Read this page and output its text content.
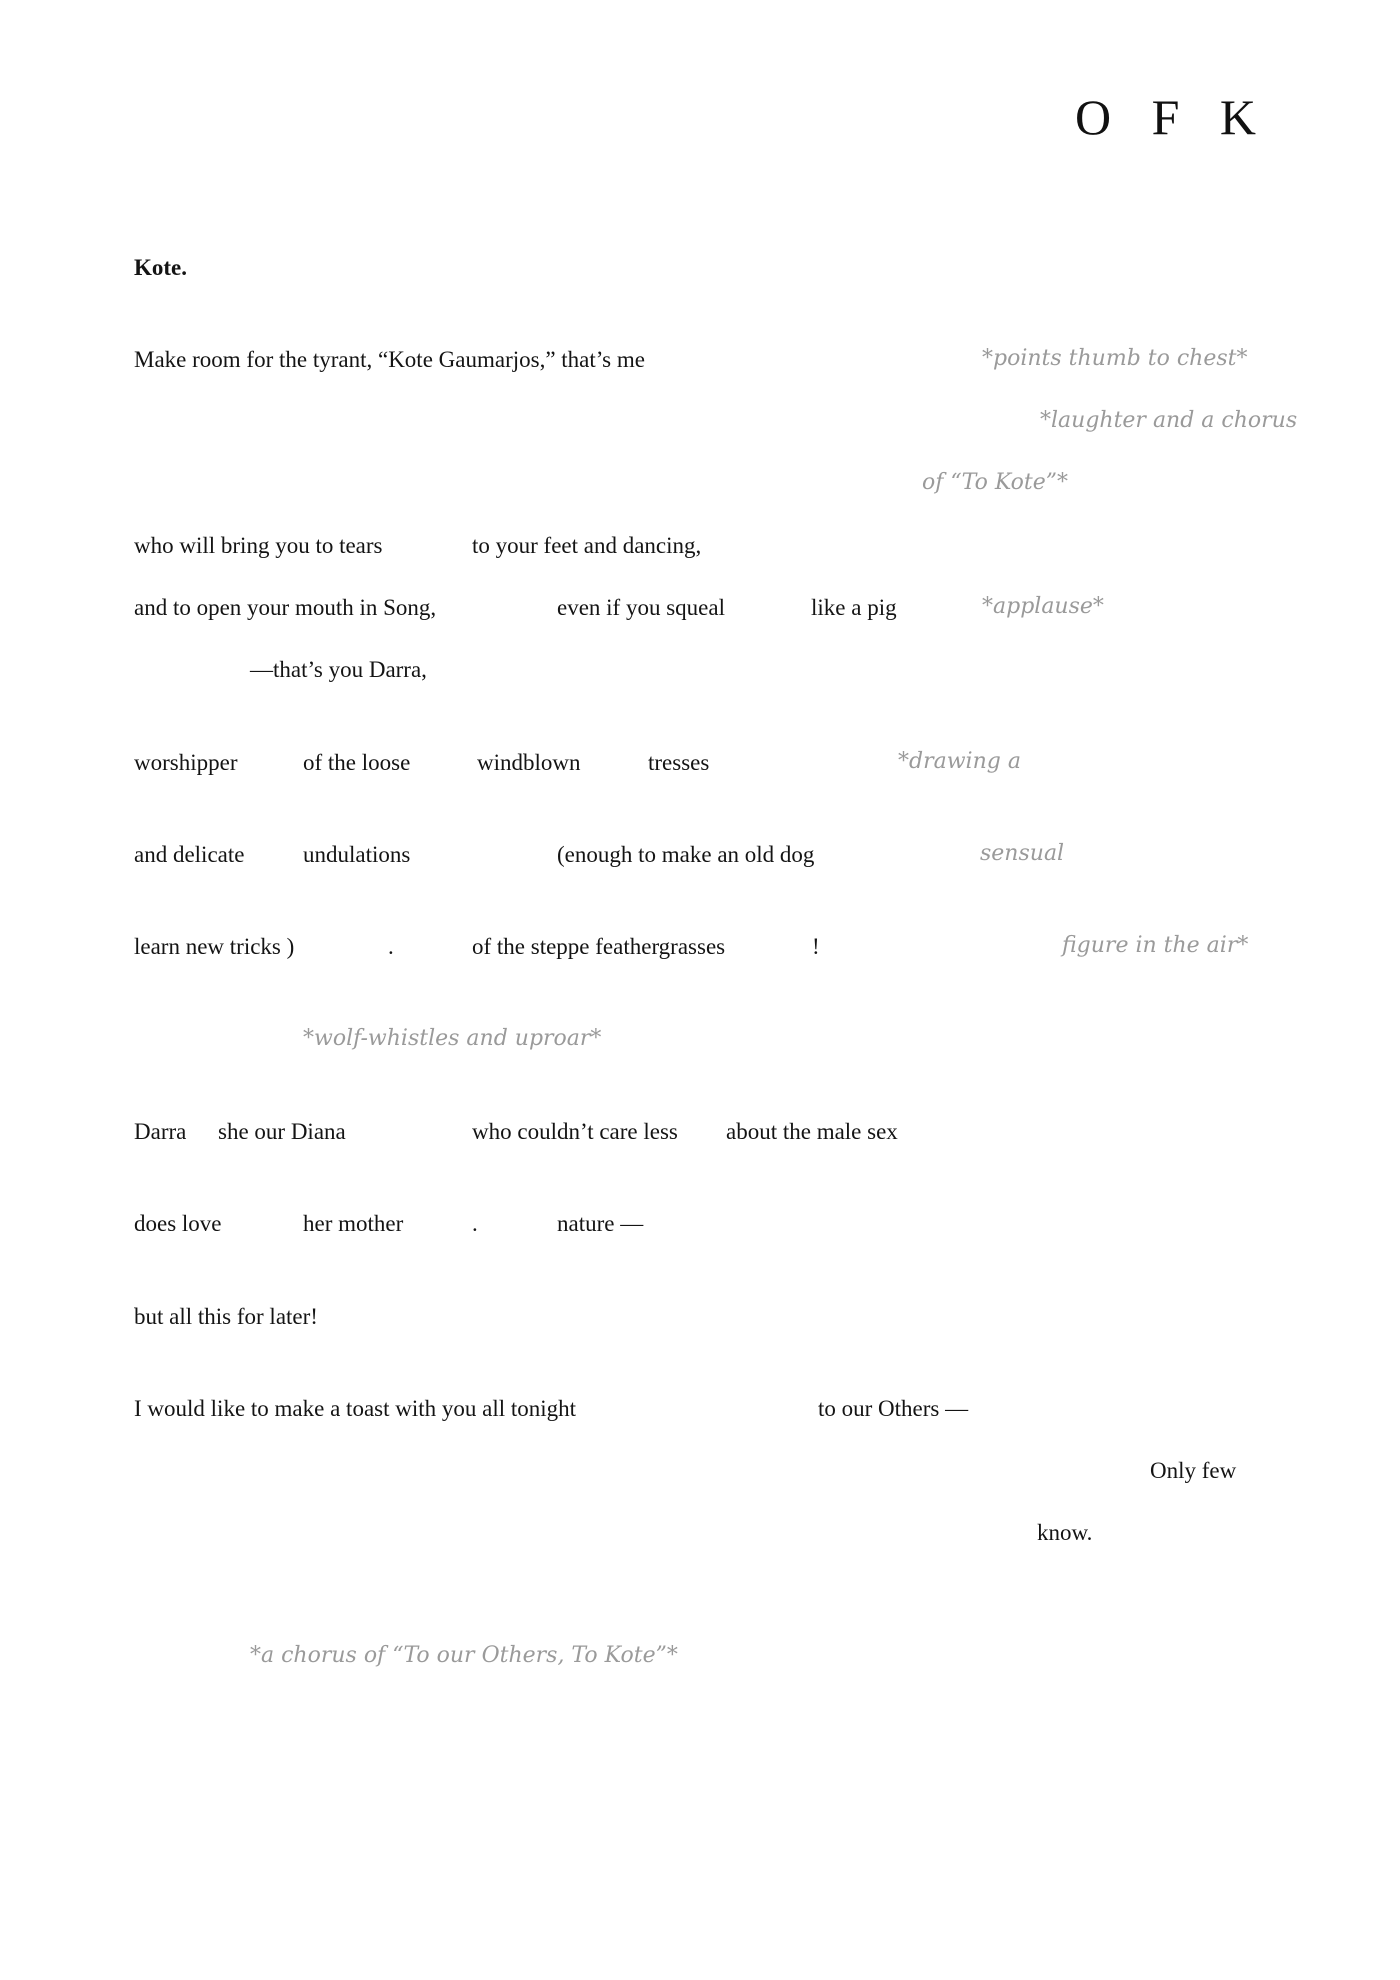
O F K
Kote.
Make room for the tyrant, “Kote Gaumarjos,” that’s me	*points thumb to chest*
*laughter and a chorus
of “To Kote”*
who will bring you to tears	to your feet and dancing,
and to open your mouth in Song,	even if you squeal	like a pig	*applause*
—that’s you Darra,
worshipper	of the loose	windblown	tresses	*drawing a
and delicate	undulations	(enough to make an old dog	sensual
learn new tricks )	.	of the steppe feathergrasses	!	figure in the air*
*wolf-whistles and uproar*
Darra she our Diana	who couldn’t care less about the male sex
does love	her mother	.	nature —
but all this for later!
I would like to make a toast with you all tonight	to our Others —
Only few
know.
*a chorus of “To our Others, To Kote”*
